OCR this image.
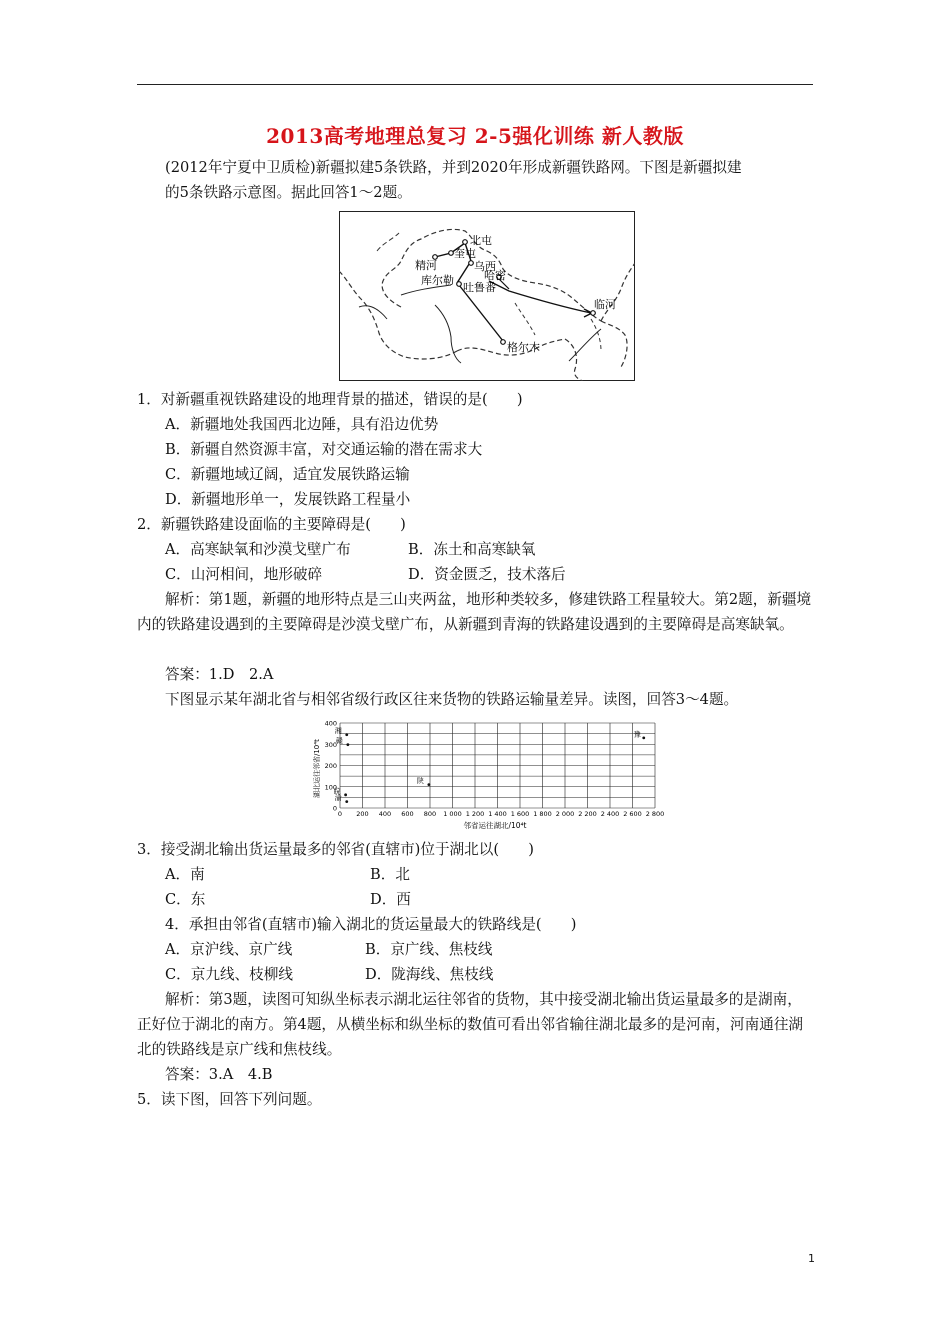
2013高考地理总复习 2-5强化训练 新人教版
(2012年宁夏中卫质检)新疆拟建5条铁路，并到2020年形成新疆铁路网。下图是新疆拟建
的5条铁路示意图。据此回答1～2题。
北屯
奎屯
精河	乌西
库尔勒	哈密
吐鲁番
临河
格尔木
1．对新疆重视铁路建设的地理背景的描述，错误的是(　　)
A．新疆地处我国西北边陲，具有沿边优势
B．新疆自然资源丰富，对交通运输的潜在需求大
C．新疆地域辽阔，适宜发展铁路运输
D．新疆地形单一，发展铁路工程量小
2．新疆铁路建设面临的主要障碍是(　　)
A．高寒缺氧和沙漠戈壁广布	B．冻土和高寒缺氧
C．山河相间，地形破碎	D．资金匮乏，技术落后
解析：第1题，新疆的地形特点是三山夹两盆，地形种类较多，修建铁路工程量较大。第2题，新疆境内的铁路建设遇到的主要障碍是沙漠戈壁广布，从新疆到青海的铁路建设遇到的主要障碍是高寒缺氧。
答案：1.D　2.A
下图显示某年湖北省与相邻省级行政区往来货物的铁路运输量差异。读图，回答3～4题。
湖北运往邻省/10⁴t
邻省运往湖北/10⁴t
0 200 400 600 800 1 000 1 200 1 400 1 600 1 800 2 000 2 200 2 400 2 600 2 800
0
100
200
300
400
湘
赣
陕
皖
渝
豫
3．接受湖北输出货运量最多的邻省(直辖市)位于湖北以(　　)
A．南	B．北
C．东	D．西
4．承担由邻省(直辖市)输入湖北的货运量最大的铁路线是(　　)
A．京沪线、京广线	B．京广线、焦枝线
C．京九线、枝柳线	D．陇海线、焦枝线
解析：第3题，读图可知纵坐标表示湖北运往邻省的货物，其中接受湖北输出货运量最多的是湖南，正好位于湖北的南方。第4题，从横坐标和纵坐标的数值可看出邻省输往湖北最多的是河南，河南通往湖北的铁路线是京广线和焦枝线。
答案：3.A　4.B
5．读下图，回答下列问题。
1
